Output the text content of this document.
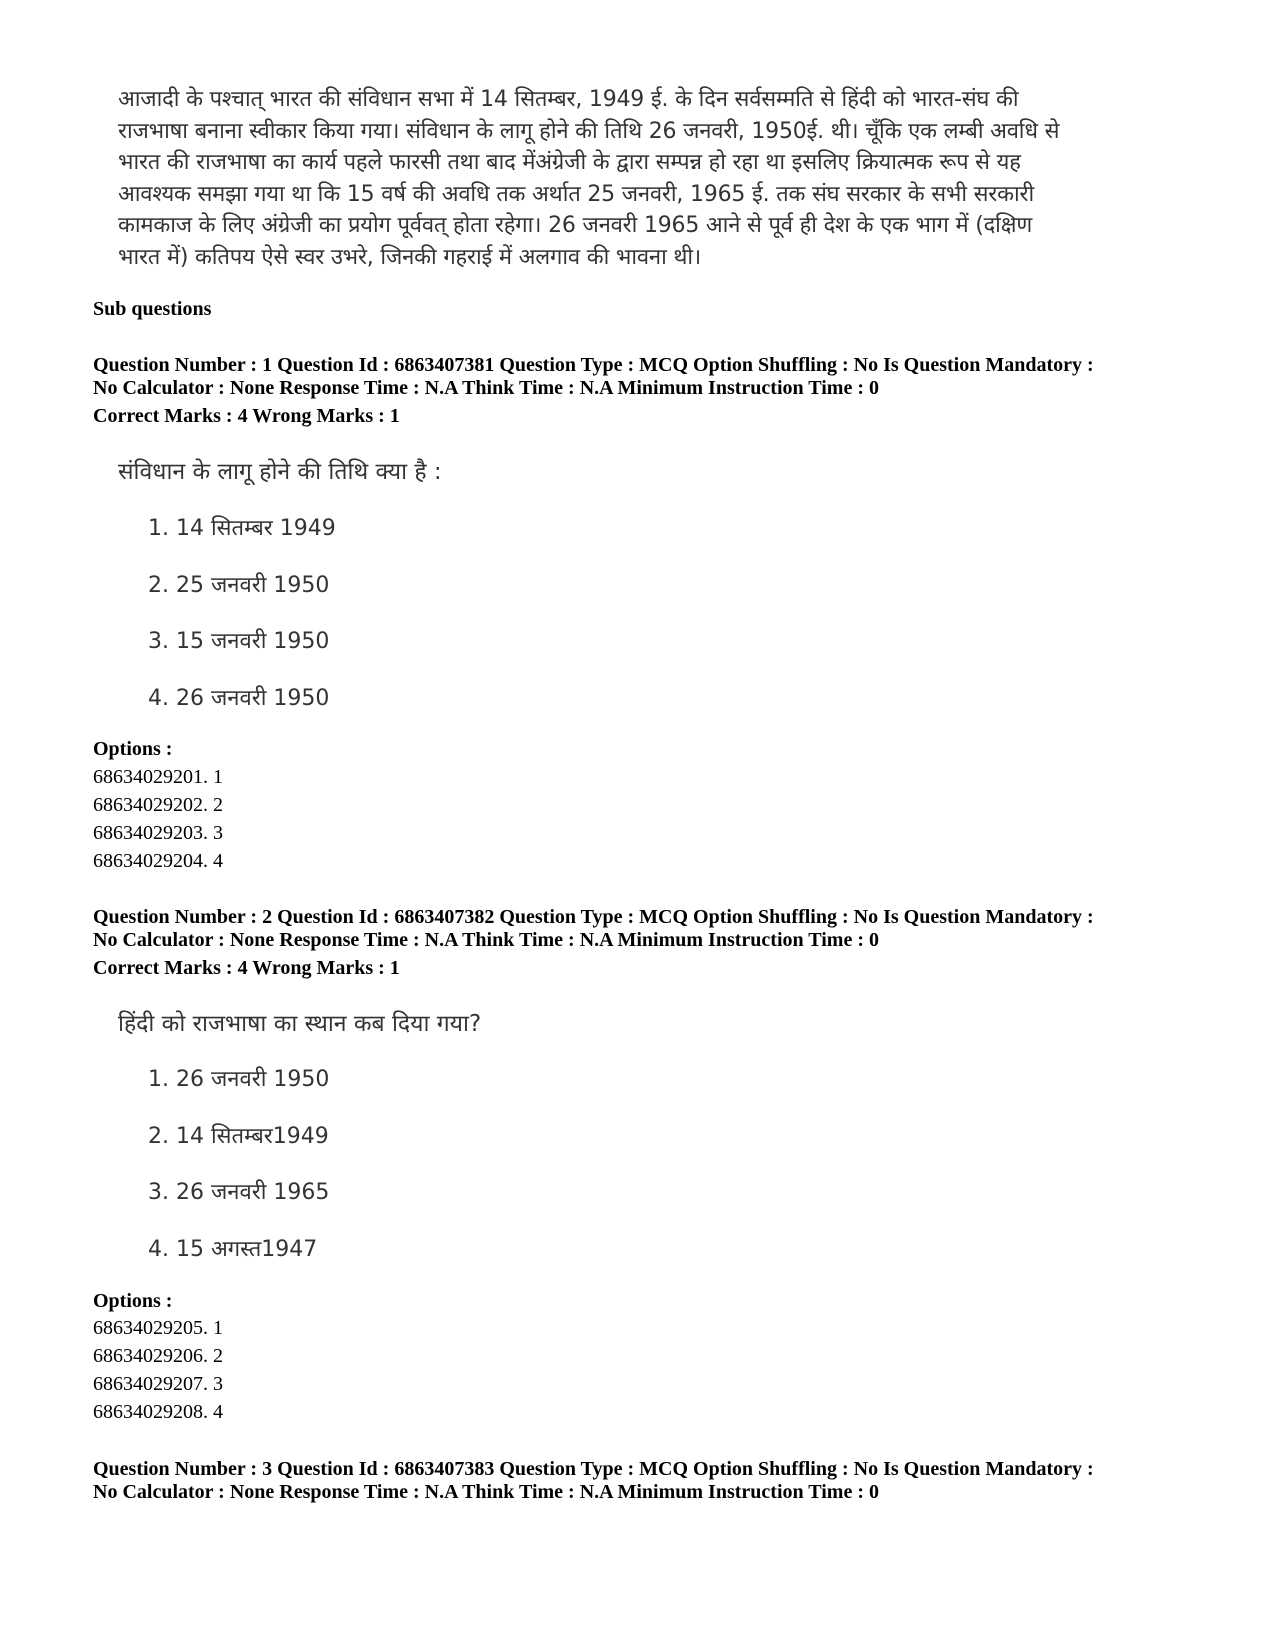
आजादी के पश्चात् भारत की संविधान सभा में 14 सितम्बर, 1949 ई. के दिन सर्वसम्मति से हिंदी को भारत-संघ की
राजभाषा बनाना स्वीकार किया गया। संविधान के लागू होने की तिथि 26 जनवरी, 1950ई. थी। चूँकि एक लम्बी अवधि से
भारत की राजभाषा का कार्य पहले फारसी तथा बाद मेंअंग्रेजी के द्वारा सम्पन्न हो रहा था इसलिए क्रियात्मक रूप से यह
आवश्यक समझा गया था कि 15 वर्ष की अवधि तक अर्थात 25 जनवरी, 1965 ई. तक संघ सरकार के सभी सरकारी
कामकाज के लिए अंग्रेजी का प्रयोग पूर्ववत् होता रहेगा। 26 जनवरी 1965 आने से पूर्व ही देश के एक भाग में (दक्षिण
भारत में) कतिपय ऐसे स्वर उभरे, जिनकी गहराई में अलगाव की भावना थी।
Sub questions
Question Number : 1 Question Id : 6863407381 Question Type : MCQ Option Shuffling : No Is Question Mandatory :
No Calculator : None Response Time : N.A Think Time : N.A Minimum Instruction Time : 0
Correct Marks : 4 Wrong Marks : 1
संविधान के लागू होने की तिथि क्या है :
1. 14 सितम्बर 1949
2. 25 जनवरी 1950
3. 15 जनवरी 1950
4. 26 जनवरी 1950
Options :
68634029201. 1
68634029202. 2
68634029203. 3
68634029204. 4
Question Number : 2 Question Id : 6863407382 Question Type : MCQ Option Shuffling : No Is Question Mandatory :
No Calculator : None Response Time : N.A Think Time : N.A Minimum Instruction Time : 0
Correct Marks : 4 Wrong Marks : 1
हिंदी को राजभाषा का स्थान कब दिया गया?
1. 26 जनवरी 1950
2. 14 सितम्बर1949
3. 26 जनवरी 1965
4. 15 अगस्त1947
Options :
68634029205. 1
68634029206. 2
68634029207. 3
68634029208. 4
Question Number : 3 Question Id : 6863407383 Question Type : MCQ Option Shuffling : No Is Question Mandatory :
No Calculator : None Response Time : N.A Think Time : N.A Minimum Instruction Time : 0
